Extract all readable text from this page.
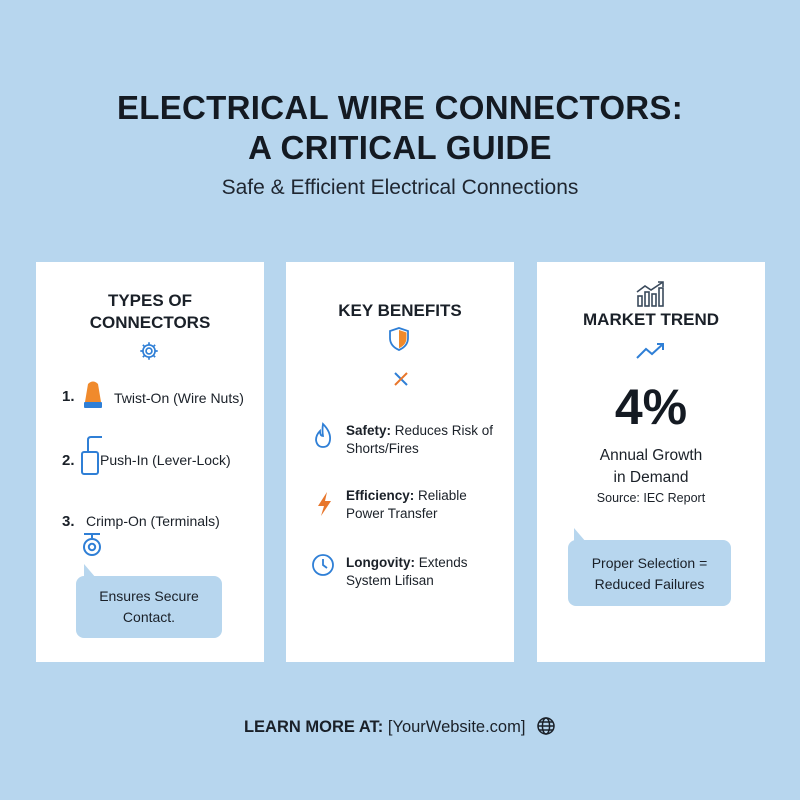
ELECTRICAL WIRE CONNECTORS:
A CRITICAL GUIDE
Safe & Efficient Electrical Connections
TYPES OF
CONNECTORS
1.	Twist-On (Wire Nuts)
2. Push-In (Lever-Lock)
3. Crimp-On (Terminals)
Ensures Secure Contact.
KEY BENEFITS
Safety: Reduces Risk of Shorts/Fires
Efficiency: Reliable Power Transfer
Longovity: Extends System Lifisan
MARKET TREND
4%
Annual Growth
in Demand
Source: IEC Report
Proper Selection =
Reduced Failures
LEARN MORE AT: [YourWebsite.com]
